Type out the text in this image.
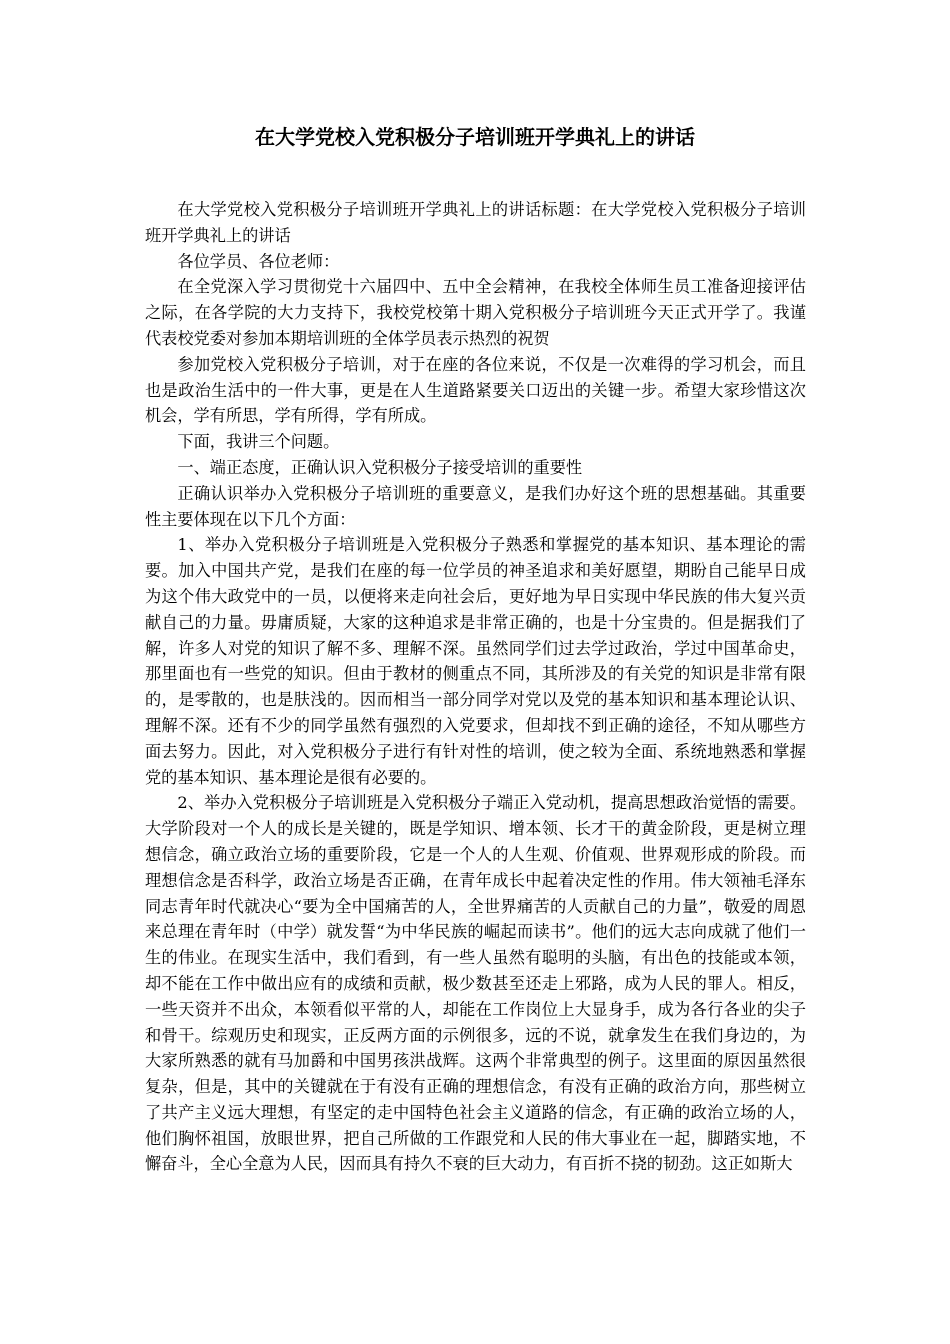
在大学党校入党积极分子培训班开学典礼上的讲话

在大学党校入党积极分子培训班开学典礼上的讲话标题：在大学党校入党积极分子培训班开学典礼上的讲话

各位学员、各位老师：

在全党深入学习贯彻党十六届四中、五中全会精神，在我校全体师生员工准备迎接评估之际，在各学院的大力支持下，我校党校第十期入党积极分子培训班今天正式开学了。我谨代表校党委对参加本期培训班的全体学员表示热烈的祝贺

参加党校入党积极分子培训，对于在座的各位来说，不仅是一次难得的学习机会，而且也是政治生活中的一件大事，更是在人生道路紧要关口迈出的关键一步。希望大家珍惜这次机会，学有所思，学有所得，学有所成。

下面，我讲三个问题。

一、端正态度，正确认识入党积极分子接受培训的重要性

正确认识举办入党积极分子培训班的重要意义，是我们办好这个班的思想基础。其重要性主要体现在以下几个方面：

1、举办入党积极分子培训班是入党积极分子熟悉和掌握党的基本知识、基本理论的需要。加入中国共产党，是我们在座的每一位学员的神圣追求和美好愿望，期盼自己能早日成为这个伟大政党中的一员，以便将来走向社会后，更好地为早日实现中华民族的伟大复兴贡献自己的力量。毋庸质疑，大家的这种追求是非常正确的，也是十分宝贵的。但是据我们了解，许多人对党的知识了解不多、理解不深。虽然同学们过去学过政治，学过中国革命史，那里面也有一些党的知识。但由于教材的侧重点不同，其所涉及的有关党的知识是非常有限的，是零散的，也是肤浅的。因而相当一部分同学对党以及党的基本知识和基本理论认识、理解不深。还有不少的同学虽然有强烈的入党要求，但却找不到正确的途径，不知从哪些方面去努力。因此，对入党积极分子进行有针对性的培训，使之较为全面、系统地熟悉和掌握党的基本知识、基本理论是很有必要的。

2、举办入党积极分子培训班是入党积极分子端正入党动机，提高思想政治觉悟的需要。大学阶段对一个人的成长是关键的，既是学知识、增本领、长才干的黄金阶段，更是树立理想信念，确立政治立场的重要阶段，它是一个人的人生观、价值观、世界观形成的阶段。而理想信念是否科学，政治立场是否正确，在青年成长中起着决定性的作用。伟大领袖毛泽东同志青年时代就决心“要为全中国痛苦的人，全世界痛苦的人贡献自己的力量”，敬爱的周恩来总理在青年时（中学）就发誓“为中华民族的崛起而读书”。他们的远大志向成就了他们一生的伟业。在现实生活中，我们看到，有一些人虽然有聪明的头脑，有出色的技能或本领，却不能在工作中做出应有的成绩和贡献，极少数甚至还走上邪路，成为人民的罪人。相反，一些天资并不出众，本领看似平常的人，却能在工作岗位上大显身手，成为各行各业的尖子和骨干。综观历史和现实，正反两方面的示例很多，远的不说，就拿发生在我们身边的，为大家所熟悉的就有马加爵和中国男孩洪战辉。这两个非常典型的例子。这里面的原因虽然很复杂，但是，其中的关键就在于有没有正确的理想信念，有没有正确的政治方向，那些树立了共产主义远大理想，有坚定的走中国特色社会主义道路的信念，有正确的政治立场的人，他们胸怀祖国，放眼世界，把自己所做的工作跟党和人民的伟大事业在一起，脚踏实地，不懈奋斗，全心全意为人民，因而具有持久不衰的巨大动力，有百折不挠的韧劲。这正如斯大
